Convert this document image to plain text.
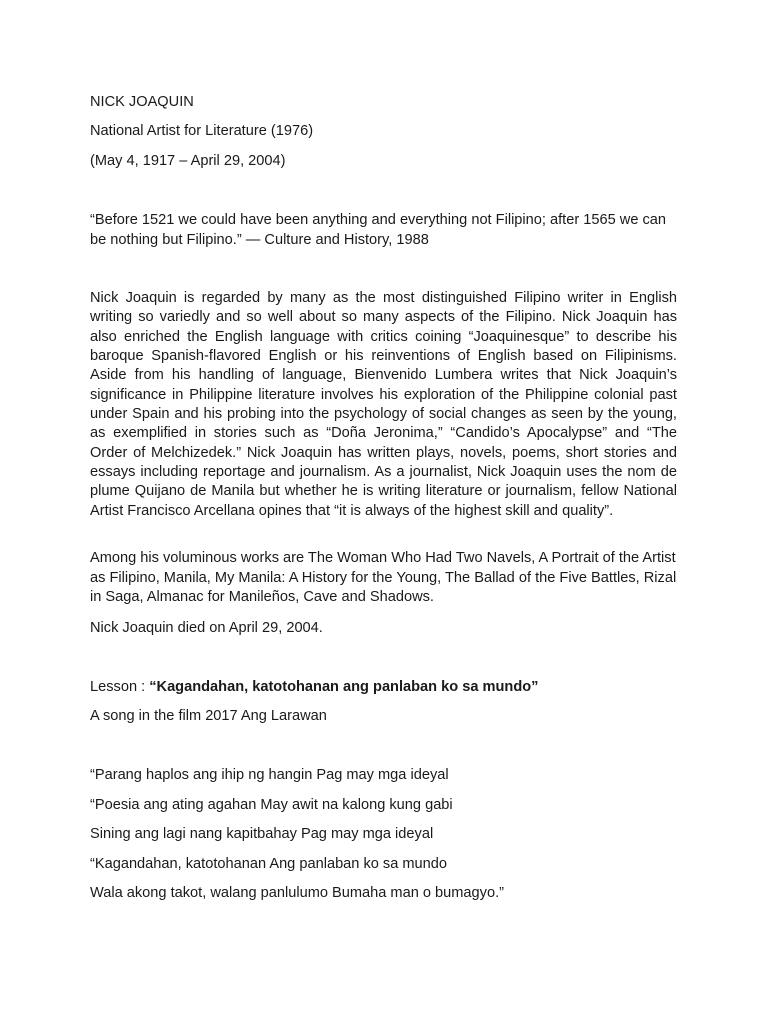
NICK JOAQUIN
National Artist for Literature (1976)
(May 4, 1917 – April 29, 2004)
“Before 1521 we could have been anything and everything not Filipino; after 1565 we can be nothing but Filipino.” — Culture and History, 1988
Nick Joaquin is regarded by many as the most distinguished Filipino writer in English writing so variedly and so well about so many aspects of the Filipino. Nick Joaquin has also enriched the English language with critics coining “Joaquinesque” to describe his baroque Spanish-flavored English or his reinventions of English based on Filipinisms. Aside from his handling of language, Bienvenido Lumbera writes that Nick Joaquin’s significance in Philippine literature involves his exploration of the Philippine colonial past under Spain and his probing into the psychology of social changes as seen by the young, as exemplified in stories such as “Doña Jeronima,” “Candido’s Apocalypse” and “The Order of Melchizedek.” Nick Joaquin has written plays, novels, poems, short stories and essays including reportage and journalism. As a journalist, Nick Joaquin uses the nom de plume Quijano de Manila but whether he is writing literature or journalism, fellow National Artist Francisco Arcellana opines that “it is always of the highest skill and quality”.
Among his voluminous works are The Woman Who Had Two Navels, A Portrait of the Artist as Filipino, Manila, My Manila: A History for the Young, The Ballad of the Five Battles, Rizal in Saga, Almanac for Manileños, Cave and Shadows.
Nick Joaquin died on April 29, 2004.
Lesson : “Kagandahan, katotohanan ang panlaban ko sa mundo”
A song in the film 2017 Ang Larawan
“Parang haplos ang ihip ng hangin Pag may mga ideyal
“Poesia ang ating agahan May awit na kalong kung gabi
Sining ang lagi nang kapitbahay Pag may mga ideyal
“Kagandahan, katotohanan Ang panlaban ko sa mundo
Wala akong takot, walang panlulumo Bumaha man o bumagyo.”
